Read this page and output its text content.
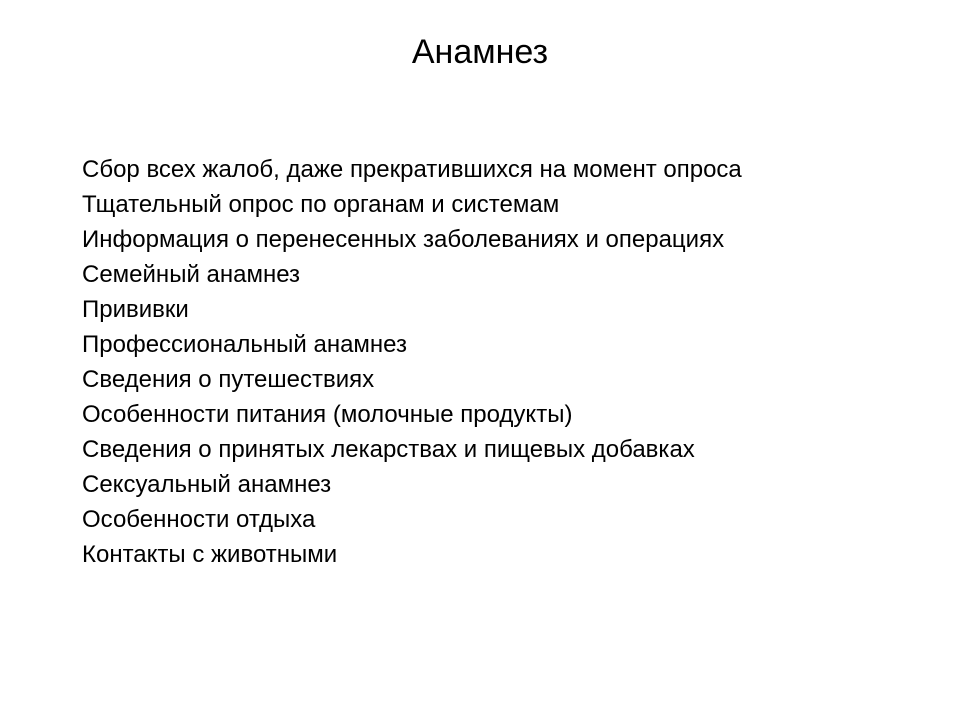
Анамнез
Сбор всех жалоб, даже прекратившихся на момент опроса
Тщательный опрос по органам и системам
Информация о перенесенных заболеваниях и операциях
Семейный анамнез
Прививки
Профессиональный анамнез
Сведения о путешествиях
Особенности питания (молочные продукты)
Сведения о принятых лекарствах и пищевых добавках
Сексуальный анамнез
Особенности отдыха
Контакты с животными
